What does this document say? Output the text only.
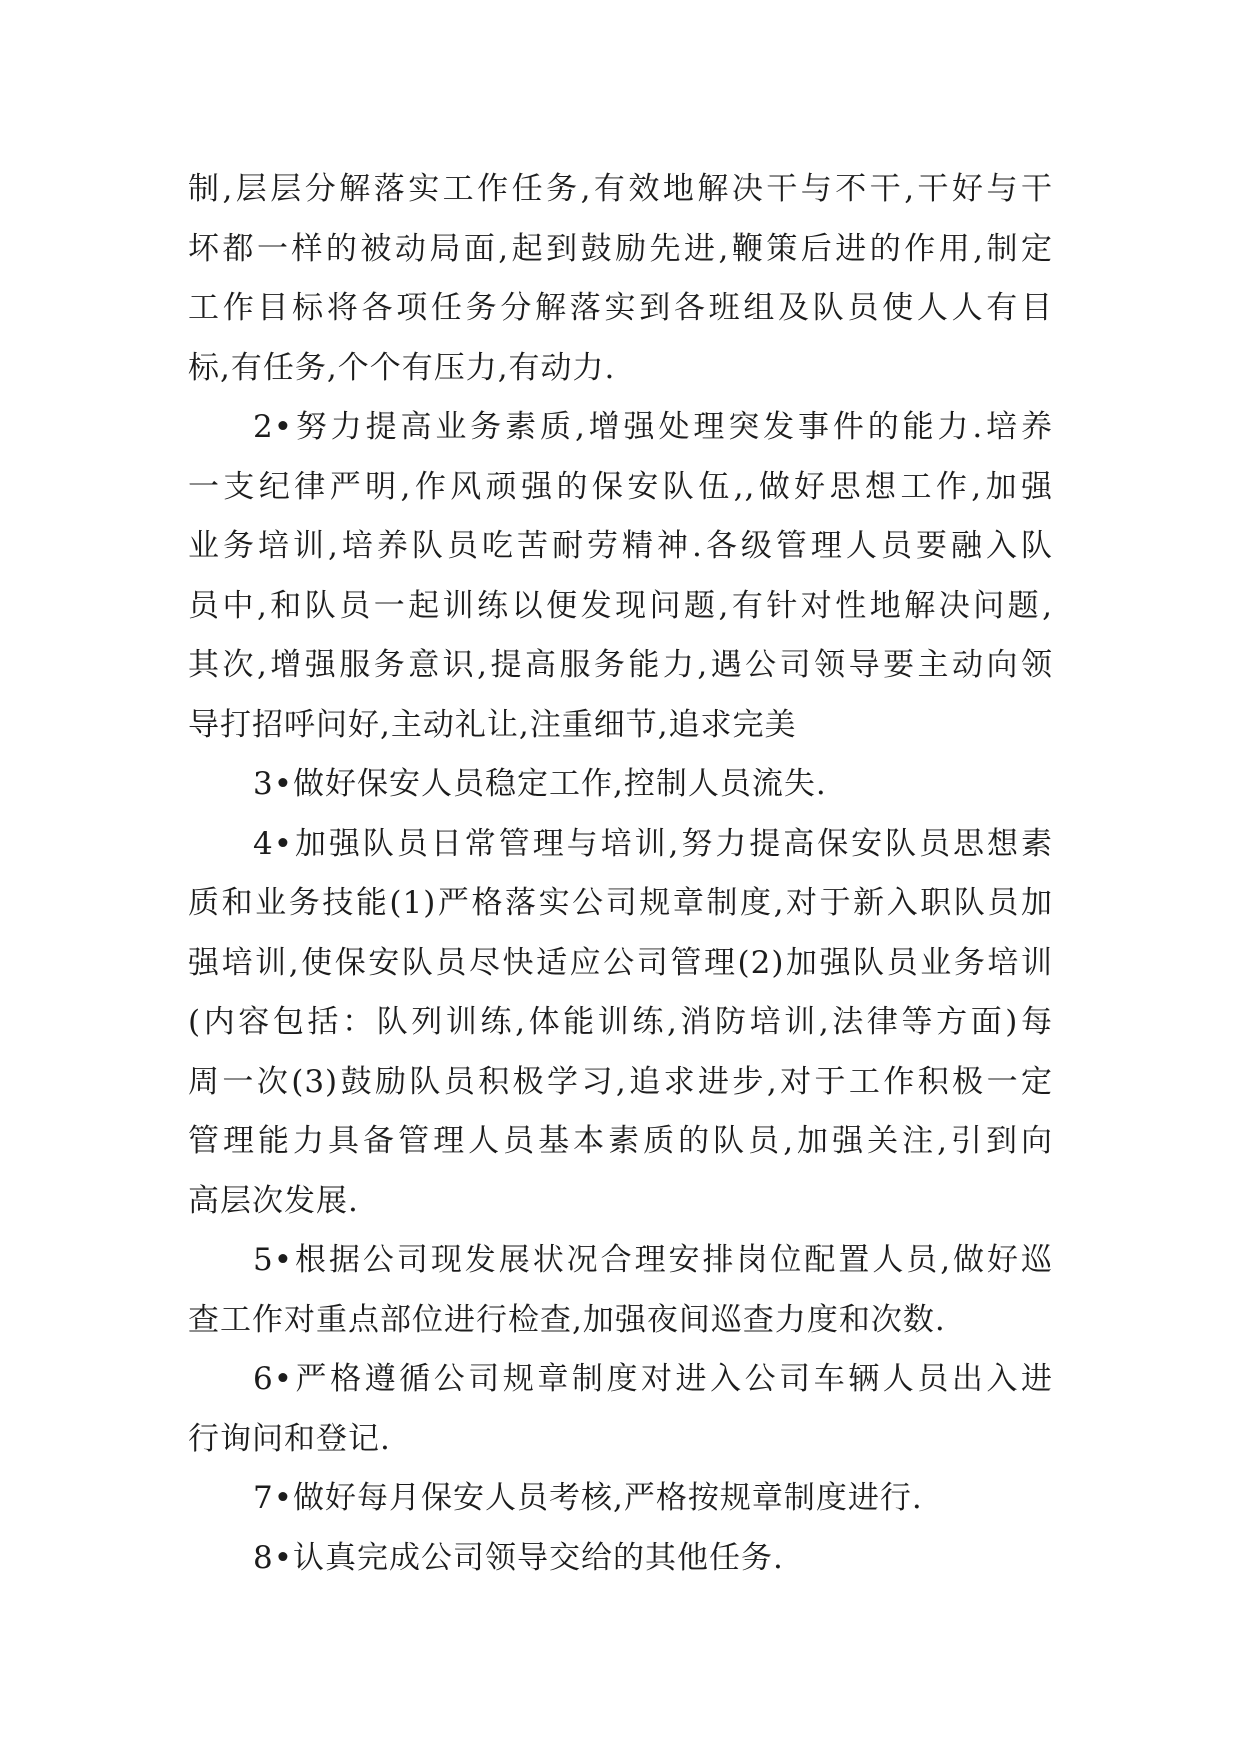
制,层层分解落实工作任务,有效地解决干与不干,干好与干
坏都一样的被动局面,起到鼓励先进,鞭策后进的作用,制定
工作目标将各项任务分解落实到各班组及队员使人人有目
标,有任务,个个有压力,有动力.
2•努力提高业务素质,增强处理突发事件的能力.培养
一支纪律严明,作风顽强的保安队伍,,做好思想工作,加强
业务培训,培养队员吃苦耐劳精神.各级管理人员要融入队
员中,和队员一起训练以便发现问题,有针对性地解决问题,
其次,增强服务意识,提高服务能力,遇公司领导要主动向领
导打招呼问好,主动礼让,注重细节,追求完美
3•做好保安人员稳定工作,控制人员流失.
4•加强队员日常管理与培训,努力提高保安队员思想素
质和业务技能(1)严格落实公司规章制度,对于新入职队员加
强培训,使保安队员尽快适应公司管理(2)加强队员业务培训
(内容包括：队列训练,体能训练,消防培训,法律等方面)每
周一次(3)鼓励队员积极学习,追求进步,对于工作积极一定
管理能力具备管理人员基本素质的队员,加强关注,引到向
高层次发展.
5•根据公司现发展状况合理安排岗位配置人员,做好巡
查工作对重点部位进行检查,加强夜间巡查力度和次数.
6•严格遵循公司规章制度对进入公司车辆人员出入进
行询问和登记.
7•做好每月保安人员考核,严格按规章制度进行.
8•认真完成公司领导交给的其他任务.
